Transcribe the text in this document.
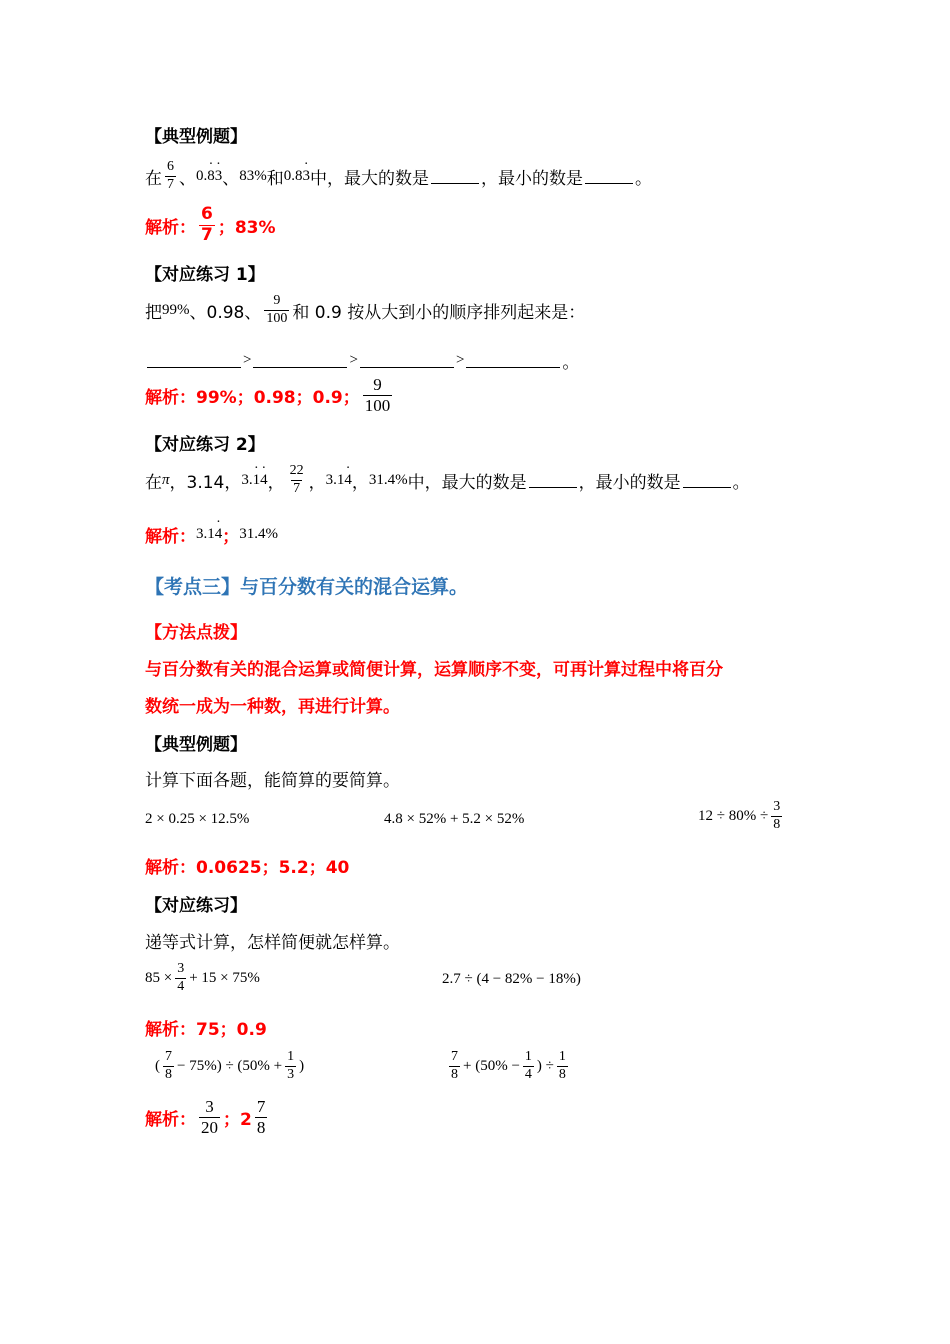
【典型例题】
在 $\frac{6}{7}$ 、 0.8 ·3 · 、 83% 和 0.83 · 中，最大的数是	，最小的数是	。
解析： $\frac{6}{7}$ ；83%
【对应练习 1】
把 99% 、0.98、 $\frac{9}{100}$ 和 0.9 按从大到小的顺序排列起来是：
>	>	>	。
解析： 99%；0.98；0.9； $\frac{9}{100}$
【对应练习 2】
在 π ，3.14， 3.1 ·4 · ， $\frac{22}{7}$ ， 3.14 · ， 31.4% 中，最大的数是	，最小的数是	。
解析： 3.14 · ； 31.4%
【考点三】与百分数有关的混合运算。
【方法点拨】
与百分数有关的混合运算或简便计算，运算顺序不变，可再计算过程中将百分
数统一成为一种数，再进行计算。
【典型例题】
计算下面各题，能简算的要简算。
2 × 0.25 × 12.5%	4.8 × 52% + 5.2 × 52%	$12 \div 80\% \div \frac{3}{8}$
解析：0.0625；5.2；40
【对应练习】
递等式计算，怎样简便就怎样算。
$85 \times \frac{3}{4} + 15 \times 75\%$	2.7 ÷ (4 − 82% − 18%)
解析：75；0.9
( $\frac{7}{8} - 75\%) \div (50\% + \frac{1}{3}$ )	$\frac{7}{8} + (50\% - \frac{1}{4}$ ) ÷ $\frac{1}{8}$
解析： $\frac{3}{20}$ ；$2 \frac{7}{8}$
